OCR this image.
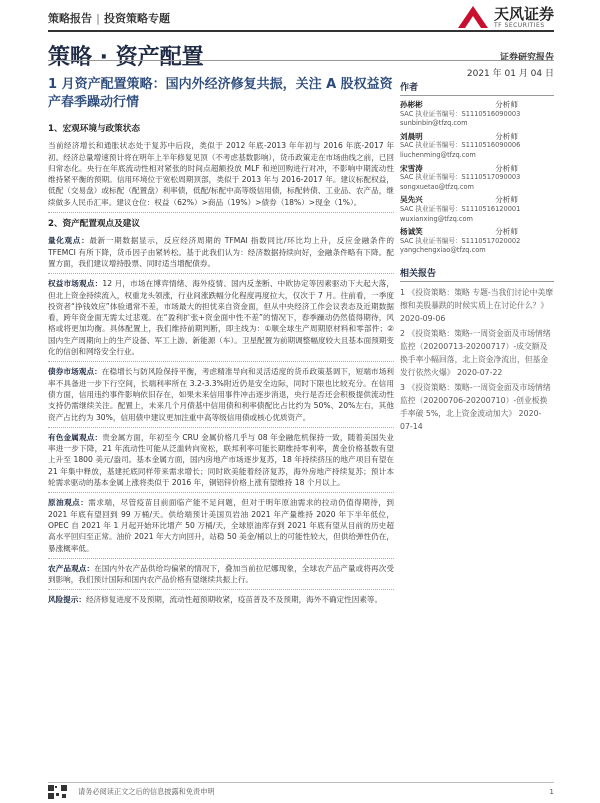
策略报告 | 投资策略专题	天风证券
TF SECURITIES
策略 · 资产配置	证券研究报告
2021 年 01 月 04 日
1 月资产配置策略：国内外经济修复共振，关注 A 股权益资产春季躁动行情
1、宏观环境与政策状态

当前经济增长和通胀状态处于复苏中后段，类似于 2012 年底-2013 年年初与 2016 年底-2017 年初。经济总量增速预计将在明年上半年修复见顶（不考虑基数影响），货币政策走在市场曲线之前，已回归常态化。央行在年底流动性相对紧张的时间点超额投放 MLF 和逆回购进行对冲，不影响中期流动性维持紧平衡的预期。信用环境位于宽松周期顶部，类似于 2013 年与 2016-2017 年。建议标配权益，低配（交易盘）或标配（配置盘）利率债，低配/标配中高等级信用债，标配转债、工业品、农产品，继续做多人民币汇率。建议仓位：权益（62%）>商品（19%）>债券（18%）>现金（1%）。

2、资产配置观点及建议

量化观点：最新一期数据显示，反应经济周期的 TFMAI 指数同比/环比均上升，反应金融条件的 TFEMCI 有所下降，货币因子由紧转松。基于此我们认为：经济数据持续向好，金融条件略有下降。配置方面，我们建议增持股票、同时适当增配债券。

权益市场观点：12 月，市场在博弈情绪、海外疫情、国内反垄断、中欧协定等因素驱动下大起大落，但北上资金持续流入，权重龙头领涨，行业间涨跌幅分化程度再度拉大，仅次于 7 月。往前看，一季度投资者“挣钱效应”体验通常不差，市场最大的担忧来自资金面，但从中央经济工作会议表态及近期数据看，跨年资金面无需太过悲观。在“盈利扩张+资金面中性不差”的情况下，春季躁动仍然值得期待，风格或将更加均衡。具体配置上，我们维持前期判断，即主线为：①顺全球生产周期原材料和零部件；②国内生产周期向上的生产设备、军工上游、新能源（车）。卫星配置为前期调整幅度较大且基本面预期变化的信创和网络安全行业。

债券市场观点：在稳增长与防风险保持平衡，考虑精准导向和灵活适度的货币政策基调下，短端市场利率不具备进一步下行空间，长端利率所在 3.2-3.3%附近仍是安全边际，同时下限也比较充分。在信用债方面，信用违约事件影响依旧存在，如果未来信用事件冲击逐步消退，央行是否还会积极提供流动性支持仍需继续关注。配置上，未来几个月债基中信用债和利率债配比占比约为 50%、20%左右，其他资产占比约为 30%，信用债中建议更加注重中高等级信用债或核心优质资产。

有色金属观点：贵金属方面，年初至今 CRU 金属价格几乎与 08 年金融危机保持一致，随着美国失业率进一步下降，21 年流动性可能从泛滥转向宽松，联邦利率可能长期维持零利率，黄金价格基数有望上升至 1800 美元/盎司。基本金属方面，国内房地产市场逐步复苏，18 年持续挤压的地产项目有望在 21 年集中释放，基建托底同样带来需求增长；同时欧美能着经济复苏，海外房地产持续复苏；预计本轮需求驱动的基本金属上涨将类似于 2016 年，铜铝锌价格上涨有望维持 18 个月以上。

原油观点：需求端，尽管疫苗目前面临产能不足问题，但对于明年原油需求的拉动仍值得期待，到 2021 年底有望回到 99 万桶/天。供给端预计美国页岩油 2021 年产量维持 2020 年下半年低位，OPEC 自 2021 年 1 月起开始环比增产 50 万桶/天，全球原油库存到 2021 年底有望从目前的历史超高水平回归至正常。油价 2021 年大方向回升，站稳 50 美金/桶以上的可能性较大，但供给弹性仍在，暴涨概率低。

农产品观点：在国内外农产品供给均偏紧的情况下，叠加当前拉尼娜现象，全球农产品产量或将再次受到影响，我们预计国际和国内农产品价格有望继续共振上行。

风险提示：经济修复进度不及预期，流动性超预期收紧，疫苗普及不及预期，海外不确定性因素等。

作者
孙彬彬	分析师
SAC 执业证书编号：S1110516090003
sunbinbin@tfzq.com
刘晨明	分析师
SAC 执业证书编号：S1110516090006
liuchenming@tfzq.com
宋雪涛	分析师
SAC 执业证书编号：S1110517090003
songxuetao@tfzq.com
吴先兴	分析师
SAC 执业证书编号：S1110516120001
wuxianxing@tfzq.com
杨诚笑	分析师
SAC 执业证书编号：S1110517020002
yangchengxiao@tfzq.com
相关报告
1 《投资策略：策略 专题-当我们讨论中美摩擦和美股暴跌的时候实质上在讨论什么？》 2020-09-06
2 《投资策略：策略-一周资金面及市场情绪监控（20200713-20200717）-成交额及换手率小幅回落，北上资金净流出，但基金发行依然火爆》 2020-07-22
3 《投资策略：策略-一周资金面及市场情绪监控（20200706-20200710）-创业板换手率破 5%，北上资金波动加大》 2020-07-14
请务必阅读正文之后的信息披露和免责申明	1
